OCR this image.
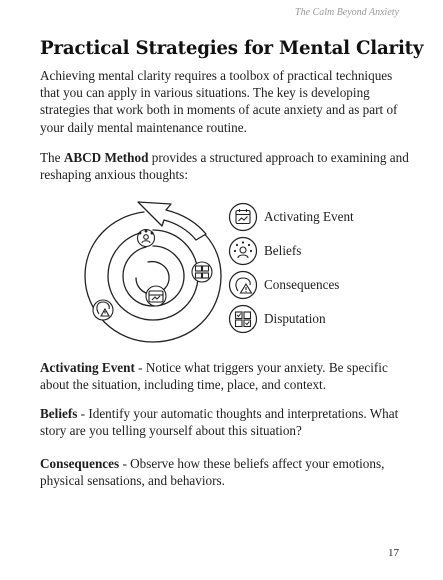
The Calm Beyond Anxiety
Practical Strategies for Mental Clarity

Achieving mental clarity requires a toolbox of practical techniques that you can apply in various situations. The key is developing strategies that work both in moments of acute anxiety and as part of your daily mental maintenance routine.

The ABCD Method provides a structured approach to examining and reshaping anxious thoughts:

Activating Event
Beliefs
Consequences
Disputation

Activating Event - Notice what triggers your anxiety. Be specific about the situation, including time, place, and context.

Beliefs - Identify your automatic thoughts and interpretations. What story are you telling yourself about this situation?

Consequences - Observe how these beliefs affect your emotions, physical sensations, and behaviors.

17
